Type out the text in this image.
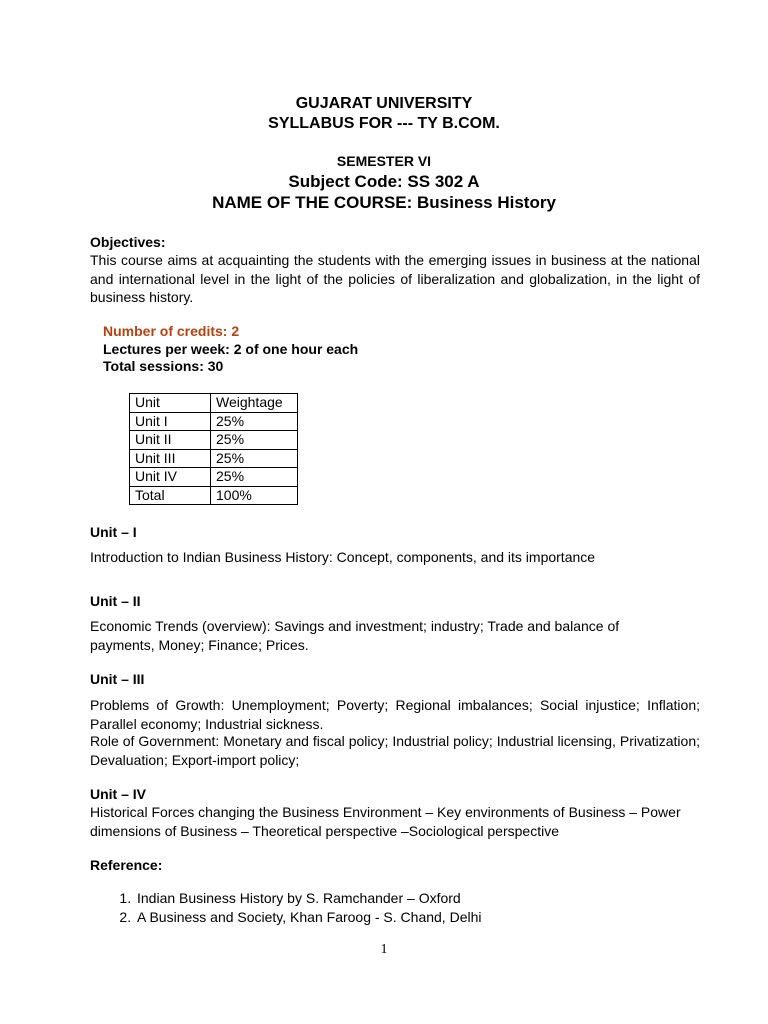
GUJARAT UNIVERSITY
SYLLABUS FOR --- TY B.COM.
SEMESTER VI
Subject Code: SS 302 A
NAME OF THE COURSE: Business History
Objectives:
This course aims at acquainting the students with the emerging issues in business at the national and international level in the light of the policies of liberalization and globalization, in the light of business history.
Number of credits: 2
Lectures per week: 2 of one hour each
Total sessions: 30
Unit	Weightage
Unit I	25%
Unit II	25%
Unit III	25%
Unit IV	25%
Total	100%
Unit – I
Introduction to Indian Business History: Concept, components, and its importance
Unit – II
Economic Trends (overview): Savings and investment; industry; Trade and balance of payments, Money; Finance; Prices.
Unit – III
Problems of Growth: Unemployment; Poverty; Regional imbalances; Social injustice; Inflation; Parallel economy; Industrial sickness.
Role of Government: Monetary and fiscal policy; Industrial policy; Industrial licensing, Privatization; Devaluation; Export-import policy;
Unit – IV
Historical Forces changing the Business Environment – Key environments of Business – Power dimensions of Business – Theoretical perspective –Sociological perspective
Reference:
1. Indian Business History by S. Ramchander – Oxford
2. A Business and Society, Khan Faroog - S. Chand, Delhi
1
